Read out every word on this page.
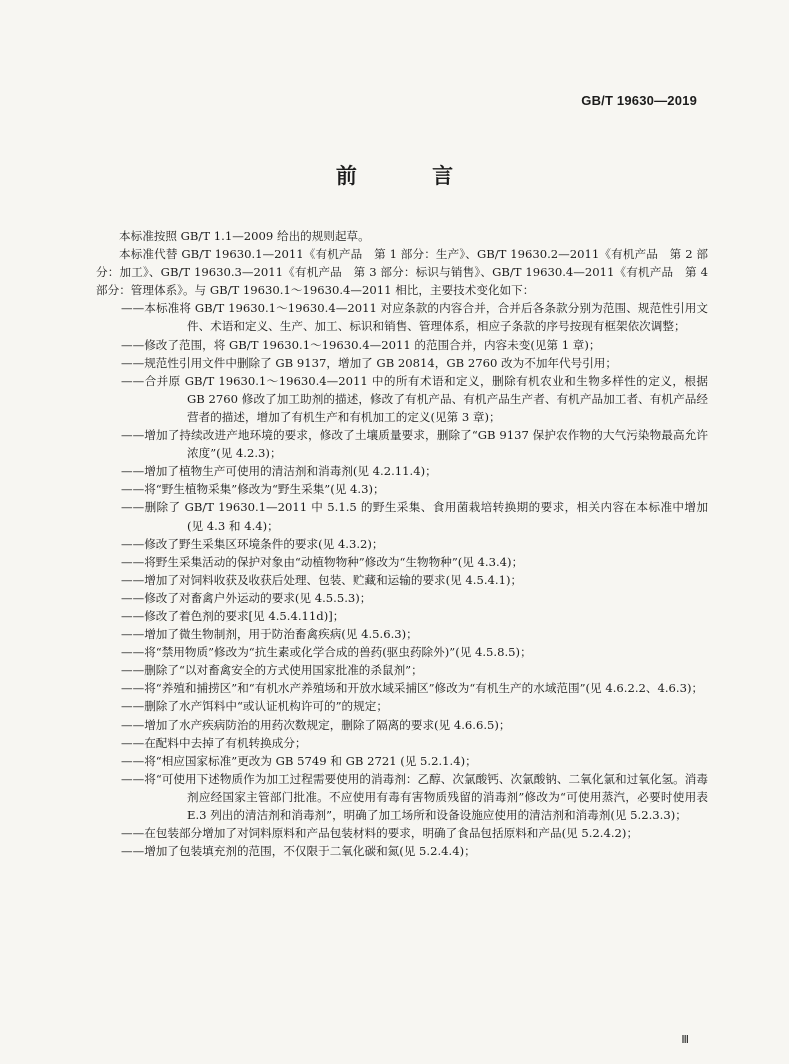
GB/T 19630—2019
前 言
本标准按照 GB/T 1.1—2009 给出的规则起草。
本标准代替 GB/T 19630.1—2011《有机产品　第 1 部分：生产》、GB/T 19630.2—2011《有机产品　第 2 部分：加工》、GB/T 19630.3—2011《有机产品　第 3 部分：标识与销售》、GB/T 19630.4—2011《有机产品　第 4 部分：管理体系》。与 GB/T 19630.1～19630.4—2011 相比，主要技术变化如下：
——本标准将 GB/T 19630.1～19630.4—2011 对应条款的内容合并，合并后各条款分别为范围、规范性引用文件、术语和定义、生产、加工、标识和销售、管理体系，相应子条款的序号按现有框架依次调整；
——修改了范围，将 GB/T 19630.1～19630.4—2011 的范围合并，内容未变(见第 1 章)；
——规范性引用文件中删除了 GB 9137，增加了 GB 20814，GB 2760 改为不加年代号引用；
——合并原 GB/T 19630.1～19630.4—2011 中的所有术语和定义，删除有机农业和生物多样性的定义，根据 GB 2760 修改了加工助剂的描述，修改了有机产品、有机产品生产者、有机产品加工者、有机产品经营者的描述，增加了有机生产和有机加工的定义(见第 3 章)；
——增加了持续改进产地环境的要求，修改了土壤质量要求，删除了“GB 9137 保护农作物的大气污染物最高允许浓度”(见 4.2.3)；
——增加了植物生产可使用的清洁剂和消毒剂(见 4.2.11.4)；
——将“野生植物采集”修改为“野生采集”(见 4.3)；
——删除了 GB/T 19630.1—2011 中 5.1.5 的野生采集、食用菌栽培转换期的要求，相关内容在本标准中增加(见 4.3 和 4.4)；
——修改了野生采集区环境条件的要求(见 4.3.2)；
——将野生采集活动的保护对象由“动植物物种”修改为“生物物种”(见 4.3.4)；
——增加了对饲料收获及收获后处理、包装、贮藏和运输的要求(见 4.5.4.1)；
——修改了对畜禽户外运动的要求(见 4.5.5.3)；
——修改了着色剂的要求[见 4.5.4.11d)]；
——增加了微生物制剂，用于防治畜禽疾病(见 4.5.6.3)；
——将“禁用物质”修改为“抗生素或化学合成的兽药(驱虫药除外)”(见 4.5.8.5)；
——删除了“以对畜禽安全的方式使用国家批准的杀鼠剂”；
——将“养殖和捕捞区”和“有机水产养殖场和开放水域采捕区”修改为“有机生产的水域范围”(见 4.6.2.2、4.6.3)；
——删除了水产饵料中“或认证机构许可的”的规定；
——增加了水产疾病防治的用药次数规定，删除了隔离的要求(见 4.6.6.5)；
——在配料中去掉了有机转换成分；
——将“相应国家标准”更改为 GB 5749 和 GB 2721 (见 5.2.1.4)；
——将“可使用下述物质作为加工过程需要使用的消毒剂：乙醇、次氯酸钙、次氯酸钠、二氧化氯和过氧化氢。消毒剂应经国家主管部门批准。不应使用有毒有害物质残留的消毒剂”修改为“可使用蒸汽，必要时使用表 E.3 列出的清洁剂和消毒剂”，明确了加工场所和设备设施应使用的清洁剂和消毒剂(见 5.2.3.3)；
——在包装部分增加了对饲料原料和产品包装材料的要求，明确了食品包括原料和产品(见 5.2.4.2)；
——增加了包装填充剂的范围，不仅限于二氧化碳和氮(见 5.2.4.4)；
Ⅲ
